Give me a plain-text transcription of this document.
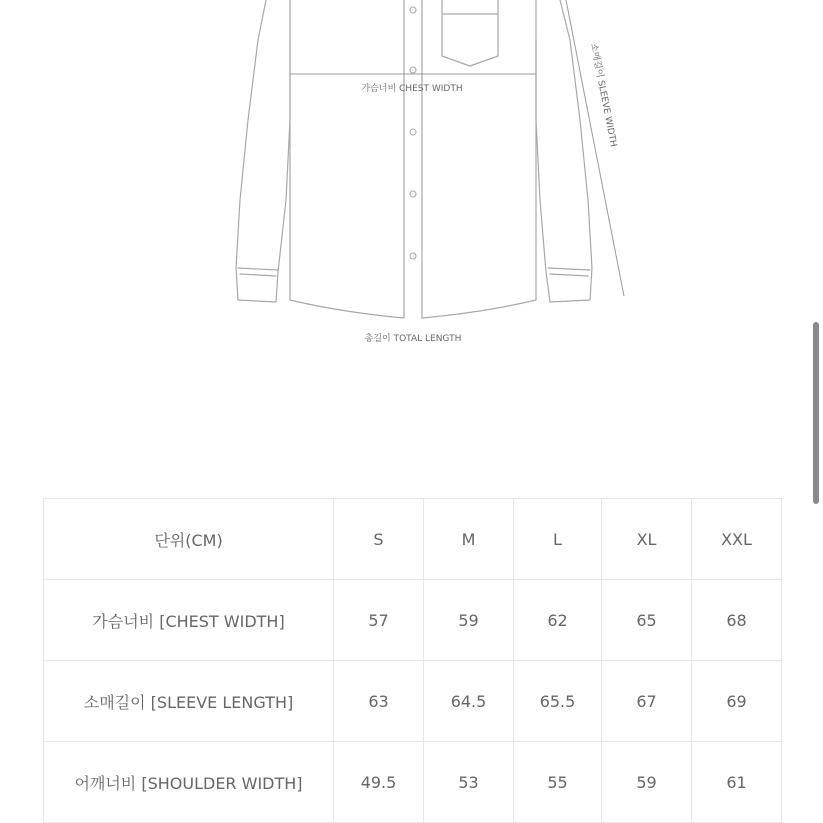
가슴너비 CHEST WIDTH	소매길이 SLEEVE WIDTH
총길이 TOTAL LENGTH
단위(CM)	S	M	L	XL	XXL
가슴너비 [CHEST WIDTH]	57	59	62	65	68
소매길이 [SLEEVE LENGTH]	63	64.5	65.5	67	69
어깨너비 [SHOULDER WIDTH]	49.5	53	55	59	61
